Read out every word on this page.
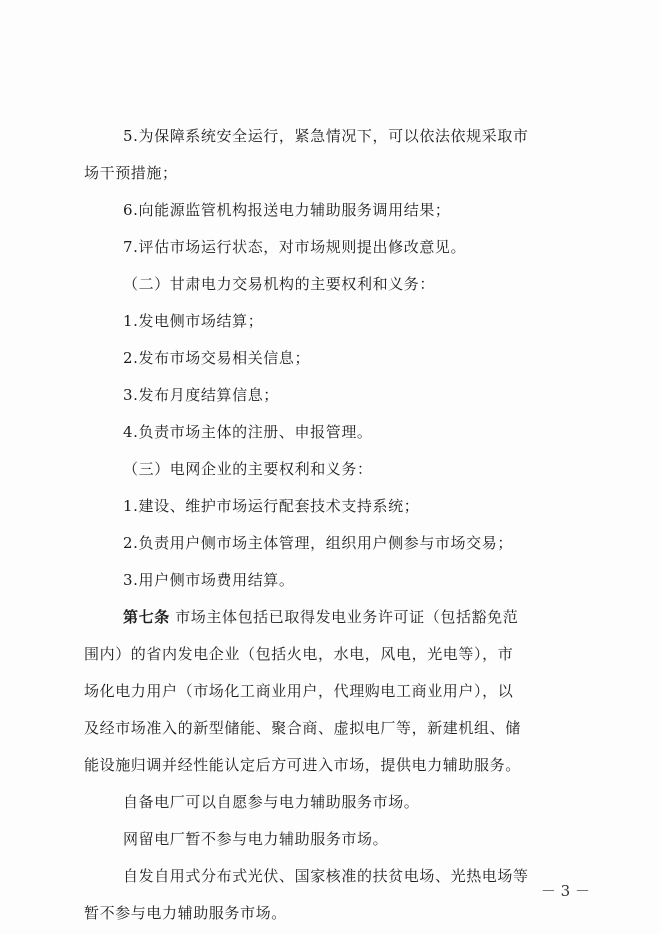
5.为保障系统安全运行，紧急情况下，可以依法依规采取市
场干预措施；
6.向能源监管机构报送电力辅助服务调用结果；
7.评估市场运行状态，对市场规则提出修改意见。
（二）甘肃电力交易机构的主要权利和义务：
1.发电侧市场结算；
2.发布市场交易相关信息；
3.发布月度结算信息；
4.负责市场主体的注册、申报管理。
（三）电网企业的主要权利和义务：
1.建设、维护市场运行配套技术支持系统；
2.负责用户侧市场主体管理，组织用户侧参与市场交易；
3.用户侧市场费用结算。
第七条 市场主体包括已取得发电业务许可证（包括豁免范
围内）的省内发电企业（包括火电，水电，风电，光电等），市
场化电力用户（市场化工商业用户，代理购电工商业用户），以
及经市场准入的新型储能、聚合商、虚拟电厂等，新建机组、储
能设施归调并经性能认定后方可进入市场，提供电力辅助服务。
自备电厂可以自愿参与电力辅助服务市场。
网留电厂暂不参与电力辅助服务市场。
自发自用式分布式光伏、国家核准的扶贫电场、光热电场等
暂不参与电力辅助服务市场。
－ 3 －
